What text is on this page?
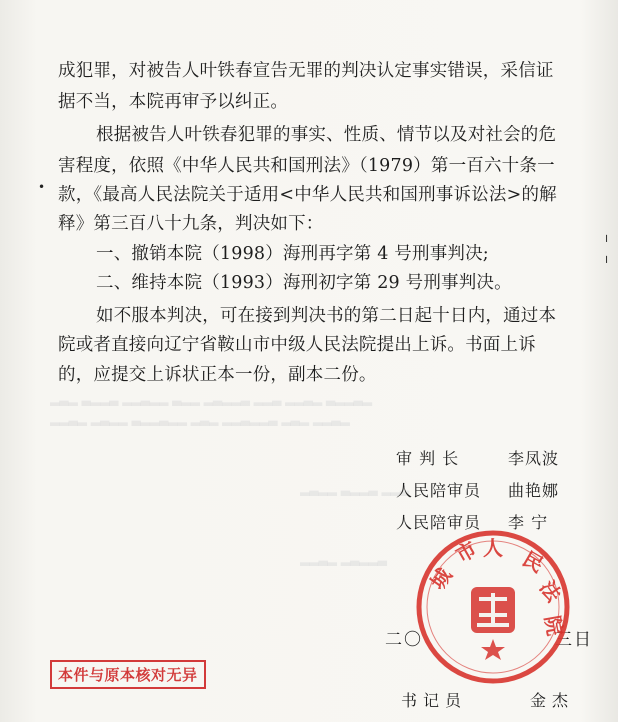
▂▃▂ ▃▂▂▃ ▂▂▃▂▂ ▃▂▂ ▂▃▂▂▃ ▂▂▃ ▂▂▃▂ ▃▂▂▃▂
▂▂▃▂ ▂▃▂▂ ▃▂▂▃▂▂ ▂▃▂ ▂▂▃▂▂▃ ▂▃▂ ▂▂▃▂
▂▃▂▂ ▃▂▂▃ ▂▂▃
▂▂▃▂ ▂▃▂▂▃
•
╵
╵
成犯罪，对被告人叶铁春宣告无罪的判决认定事实错误，采信证
据不当，本院再审予以纠正。
根据被告人叶铁春犯罪的事实、性质、情节以及对社会的危
害程度，依照《中华人民共和国刑法》（1979）第一百六十条一
款，《最高人民法院关于适用<中华人民共和国刑事诉讼法>的解
释》第三百八十九条，判决如下：
一、撤销本院（1998）海刑再字第 4 号刑事判决;
二、维持本院（1993）海刑初字第 29 号刑事判决。
如不服本判决，可在接到判决书的第二日起十日内，通过本
院或者直接向辽宁省鞍山市中级人民法院提出上诉。书面上诉
的，应提交上诉状正本一份，副本二份。
审 判 长	李凤波
人民陪审员 曲艳娜
人民陪审员 李 宁
二〇	三日
城
市 人 民
法
院
本件与原本核对无异
书记员	金杰
